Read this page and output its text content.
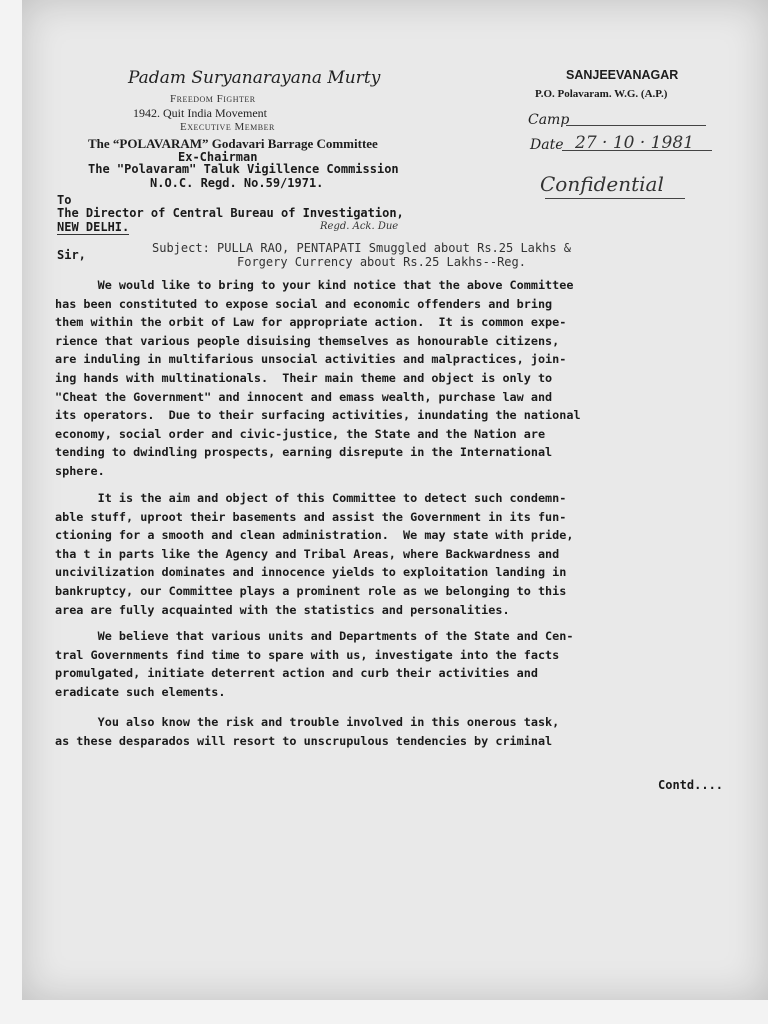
Padam Suryanarayana Murty
Freedom Fighter
1942. Quit India Movement
Executive Member
The “POLAVARAM” Godavari Barrage Committee
Ex-Chairman
The "Polavaram" Taluk Vigillence Commission
N.O.C. Regd. No.59/1971.
SANJEEVANAGAR
P.O. Polavaram. W.G. (A.P.)
Camp
Date 27 · 10 · 1981
Confidential
To
The Director of Central Bureau of Investigation,
NEW DELHI.	Regd. Ack. Due
Sir,	Subject: PULLA RAO, PENTAPATI Smuggled about Rs.25 Lakhs &
Forgery Currency about Rs.25 Lakhs--Reg.
We would like to bring to your kind notice that the above Committee
has been constituted to expose social and economic offenders and bring
them within the orbit of Law for appropriate action.  It is common expe-
rience that various people disuising themselves as honourable citizens,
are induling in multifarious unsocial activities and malpractices, join-
ing hands with multinationals.  Their main theme and object is only to
"Cheat the Government" and innocent and emass wealth, purchase law and
its operators.  Due to their surfacing activities, inundating the national
economy, social order and civic-justice, the State and the Nation are
tending to dwindling prospects, earning disrepute in the International
sphere.
It is the aim and object of this Committee to detect such condemn-
able stuff, uproot their basements and assist the Government in its fun-
ctioning for a smooth and clean administration.  We may state with pride,
tha t in parts like the Agency and Tribal Areas, where Backwardness and
uncivilization dominates and innocence yields to exploitation landing in
bankruptcy, our Committee plays a prominent role as we belonging to this
area are fully acquainted with the statistics and personalities.
We believe that various units and Departments of the State and Cen-
tral Governments find time to spare with us, investigate into the facts
promulgated, initiate deterrent action and curb their activities and
eradicate such elements.
You also know the risk and trouble involved in this onerous task,
as these desparados will resort to unscrupulous tendencies by criminal
Contd....
